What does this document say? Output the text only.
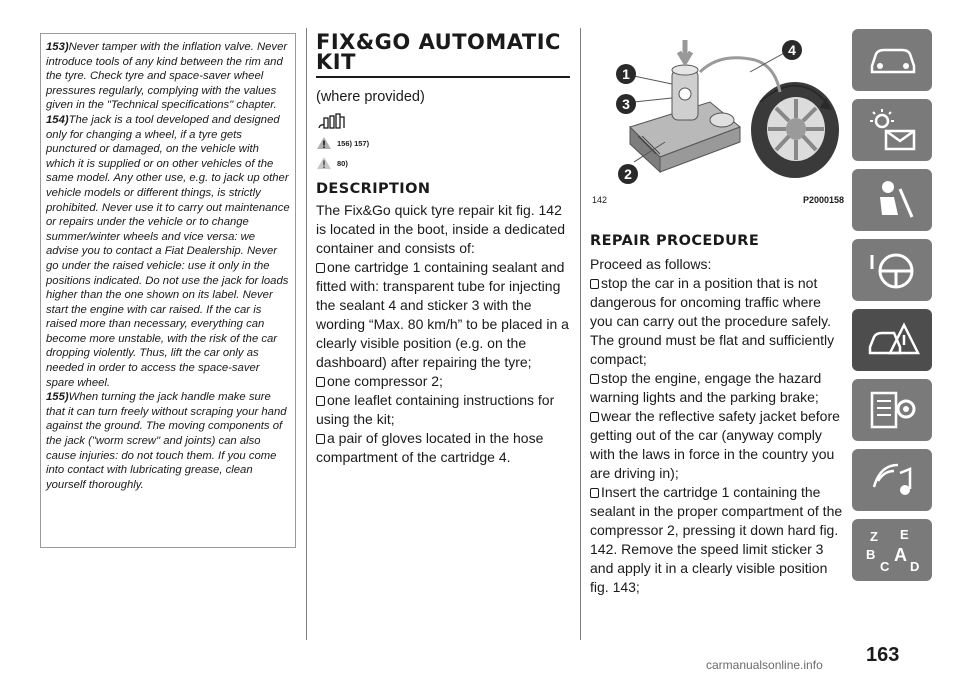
153)Never tamper with the inflation valve. Never introduce tools of any kind between the rim and the tyre. Check tyre and space-saver wheel pressures regularly, complying with the values given in the "Technical specifications" chapter.

154)The jack is a tool developed and designed only for changing a wheel, if a tyre gets punctured or damaged, on the vehicle with which it is supplied or on other vehicles of the same model. Any other use, e.g. to jack up other vehicle models or different things, is strictly prohibited. Never use it to carry out maintenance or repairs under the vehicle or to change summer/winter wheels and vice versa: we advise you to contact a Fiat Dealership. Never go under the raised vehicle: use it only in the positions indicated. Do not use the jack for loads higher than the one shown on its label. Never start the engine with car raised. If the car is raised more than necessary, everything can become more unstable, with the risk of the car dropping violently. Thus, lift the car only as needed in order to access the space-saver spare wheel.

155)When turning the jack handle make sure that it can turn freely without scraping your hand against the ground. The moving components of the jack ("worm screw" and joints) can also cause injuries: do not touch them. If you come into contact with lubricating grease, clean yourself thoroughly.

FIX&GO AUTOMATIC KIT

(where provided)

156) 157)
80)
DESCRIPTION

The Fix&Go quick tyre repair kit fig. 142 is located in the boot, inside a dedicated container and consists of:

one cartridge 1 containing sealant and fitted with: transparent tube for injecting the sealant 4 and sticker 3 with the wording “Max. 80 km/h” to be placed in a clearly visible position (e.g. on the dashboard) after repairing the tyre;

one compressor 2;

one leaflet containing instructions for using the kit;

a pair of gloves located in the hose compartment of the cartridge 4.

1
3
2
4
142	P2000158
REPAIR PROCEDURE

Proceed as follows:

stop the car in a position that is not dangerous for oncoming traffic where you can carry out the procedure safely. The ground must be flat and sufficiently compact;

stop the engine, engage the hazard warning lights and the parking brake;

wear the reflective safety jacket before getting out of the car (anyway comply with the laws in force in the country you are driving in);

Insert the cartridge 1 containing the sealant in the proper compartment of the compressor 2, pressing it down hard fig. 142. Remove the speed limit sticker 3 and apply it in a clearly visible position fig. 143;

Z E
B A
C D
163
carmanualsonline.info
